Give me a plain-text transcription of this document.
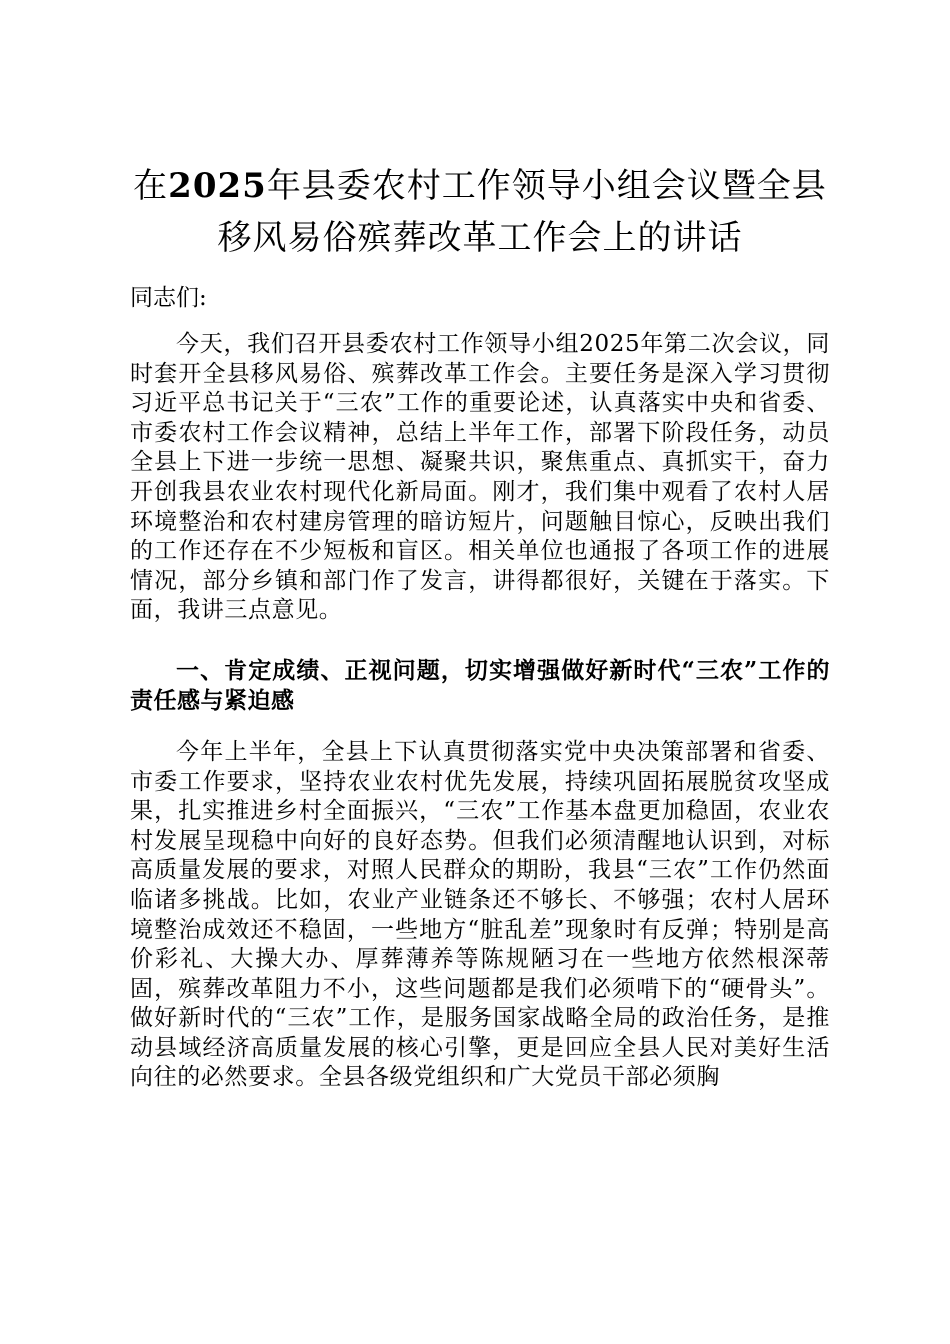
在2025年县委农村工作领导小组会议暨全县
移风易俗殡葬改革工作会上的讲话

同志们:

今天，我们召开县委农村工作领导小组2025年第二次会议，同时套开全县移风易俗、殡葬改革工作会。主要任务是深入学习贯彻习近平总书记关于“三农”工作的重要论述，认真落实中央和省委、市委农村工作会议精神，总结上半年工作，部署下阶段任务，动员全县上下进一步统一思想、凝聚共识，聚焦重点、真抓实干，奋力开创我县农业农村现代化新局面。刚才，我们集中观看了农村人居环境整治和农村建房管理的暗访短片，问题触目惊心，反映出我们的工作还存在不少短板和盲区。相关单位也通报了各项工作的进展情况，部分乡镇和部门作了发言，讲得都很好，关键在于落实。下面，我讲三点意见。

一、肯定成绩、正视问题，切实增强做好新时代“三农”工作的责任感与紧迫感

今年上半年，全县上下认真贯彻落实党中央决策部署和省委、市委工作要求，坚持农业农村优先发展，持续巩固拓展脱贫攻坚成果，扎实推进乡村全面振兴，“三农”工作基本盘更加稳固，农业农村发展呈现稳中向好的良好态势。但我们必须清醒地认识到，对标高质量发展的要求，对照人民群众的期盼，我县“三农”工作仍然面临诸多挑战。比如，农业产业链条还不够长、不够强；农村人居环境整治成效还不稳固，一些地方“脏乱差”现象时有反弹；特别是高价彩礼、大操大办、厚葬薄养等陈规陋习在一些地方依然根深蒂固，殡葬改革阻力不小，这些问题都是我们必须啃下的“硬骨头”。做好新时代的“三农”工作，是服务国家战略全局的政治任务，是推动县域经济高质量发展的核心引擎，更是回应全县人民对美好生活向往的必然要求。全县各级党组织和广大党员干部必须胸
